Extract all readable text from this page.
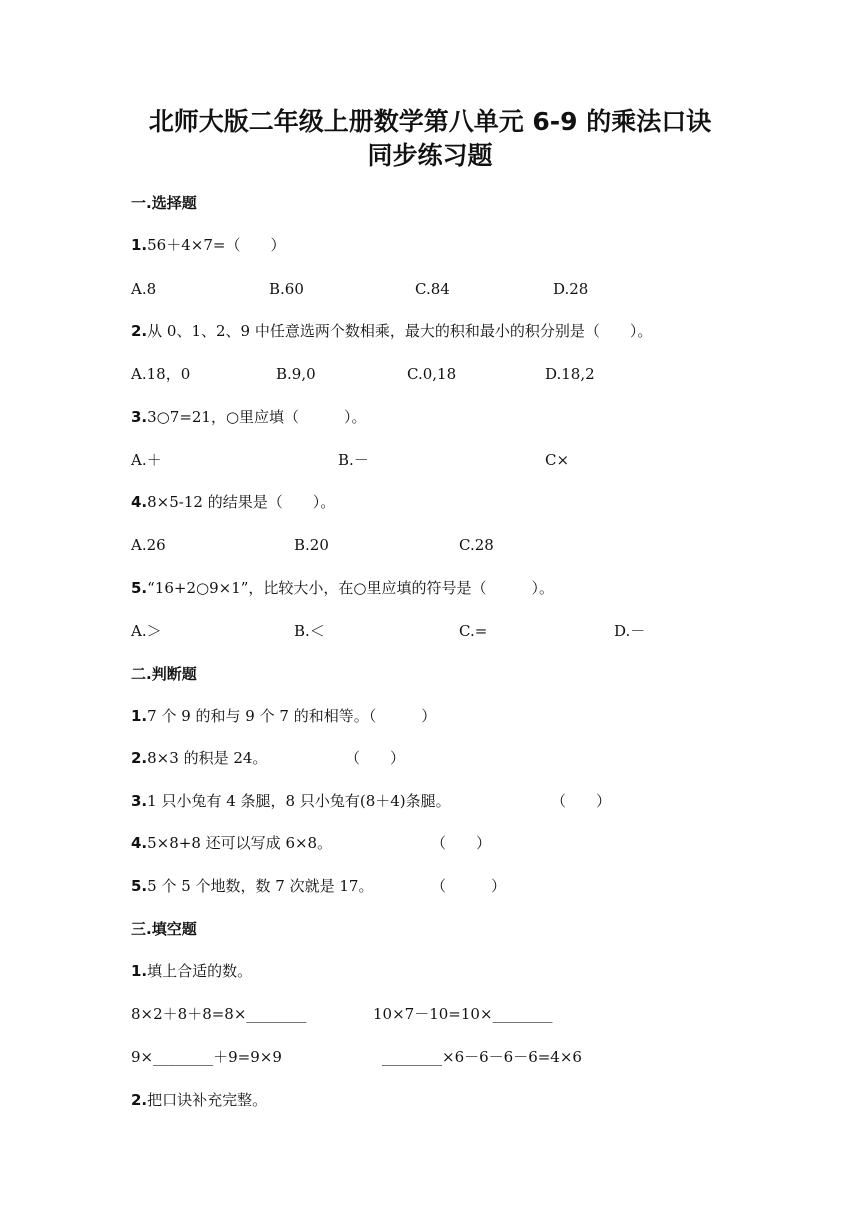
北师大版二年级上册数学第八单元 6-9 的乘法口诀
同步练习题
一.选择题
1.56＋4×7=（　　）
A.8	B.60	C.84	D.28
2.从 0、1、2、9 中任意选两个数相乘，最大的积和最小的积分别是（　　）。
A.18，0	B.9,0	C.0,18	D.18,2
3.3○7=21，○里应填（　　　）。
A.＋	B.－	C×
4.8×5-12 的结果是（　　）。
A.26	B.20	C.28
5.“16+2○9×1”，比较大小，在○里应填的符号是（　　　）。
A.＞	B.＜	C.=	D.－
二.判断题
1.7 个 9 的和与 9 个 7 的和相等。（　　　）
2.8×3 的积是 24。	（　　）
3.1 只小兔有 4 条腿，8 只小兔有(8＋4)条腿。	（　　）
4.5×8+8 还可以写成 6×8。	（　　）
5.5 个 5 个地数，数 7 次就是 17。	（　　　）
三.填空题
1.填上合适的数。
8×2＋8＋8=8×________	10×7－10=10×________
9×________＋9=9×9	________×6－6－6－6=4×6
2.把口诀补充完整。
